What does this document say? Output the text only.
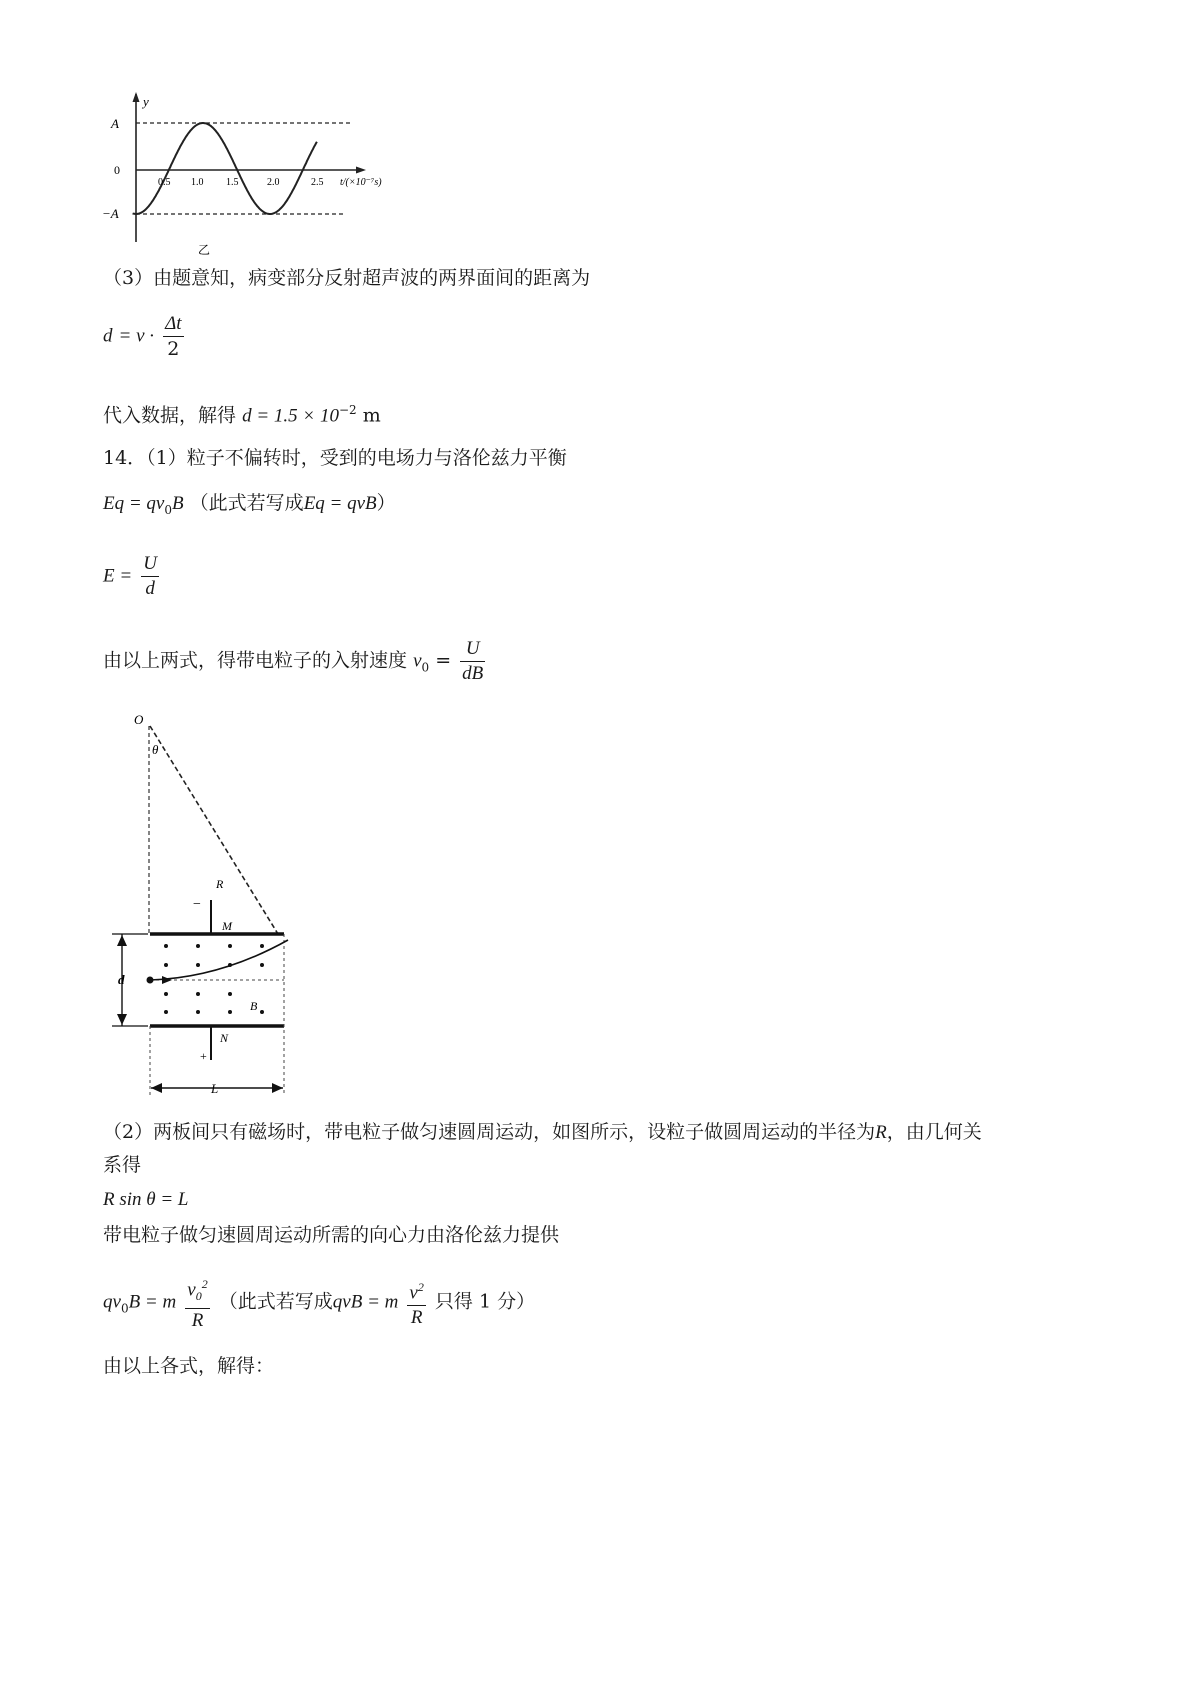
y
A
0
−A
0.5 1.0 1.5	2.0	2.5 t/(×10⁻⁷s)
乙
（3）由题意知，病变部分反射超声波的两界面间的距离为
$d = v \cdot \frac{\Delta t}{2}$
代入数据，解得 $d = 1.5 \times 10^{-2}$ m
14．（1）粒子不偏转时，受到的电场力与洛伦兹力平衡
$Eq = qv_0B$ （此式若写成Eq = qvB）
$E = \frac{U}{d}$
由以上两式，得带电粒子的入射速度 $v_0 = \frac{U}{dB}$
O
θ
R
−
M
d
B
N
+
L
（2）两板间只有磁场时，带电粒子做匀速圆周运动，如图所示，设粒子做圆周运动的半径为R，由几何关
系得
R sin θ = L
带电粒子做匀速圆周运动所需的向心力由洛伦兹力提供
$qv_0B = m \frac{v_0^2}{R}$ （此式若写成qvB = m $\frac{v^2}{R}$ 只得 1 分）
由以上各式，解得：
